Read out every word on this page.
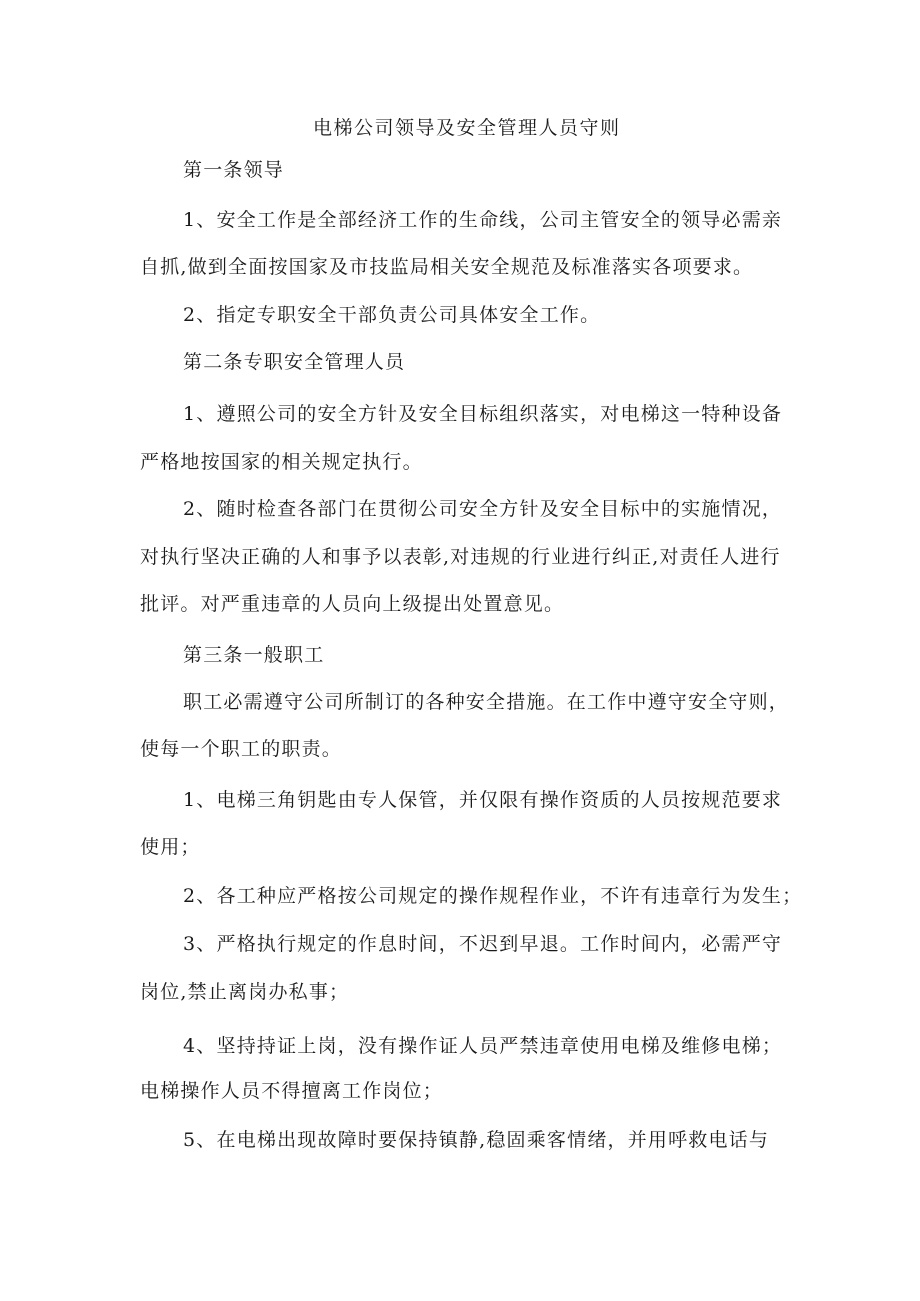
电梯公司领导及安全管理人员守则
第一条领导
1、安全工作是全部经济工作的生命线，公司主管安全的领导必需亲
自抓,做到全面按国家及市技监局相关安全规范及标准落实各项要求。
2、指定专职安全干部负责公司具体安全工作。
第二条专职安全管理人员
1、遵照公司的安全方针及安全目标组织落实，对电梯这一特种设备
严格地按国家的相关规定执行。
2、随时检查各部门在贯彻公司安全方针及安全目标中的实施情况，
对执行坚决正确的人和事予以表彰,对违规的行业进行纠正,对责任人进行
批评。对严重违章的人员向上级提出处置意见。
第三条一般职工
职工必需遵守公司所制订的各种安全措施。在工作中遵守安全守则，
使每一个职工的职责。
1、电梯三角钥匙由专人保管，并仅限有操作资质的人员按规范要求
使用；
2、各工种应严格按公司规定的操作规程作业，不许有违章行为发生；
3、严格执行规定的作息时间，不迟到早退。工作时间内，必需严守
岗位,禁止离岗办私事；
4、坚持持证上岗，没有操作证人员严禁违章使用电梯及维修电梯；
电梯操作人员不得擅离工作岗位；
5、在电梯出现故障时要保持镇静,稳固乘客情绪，并用呼救电话与
